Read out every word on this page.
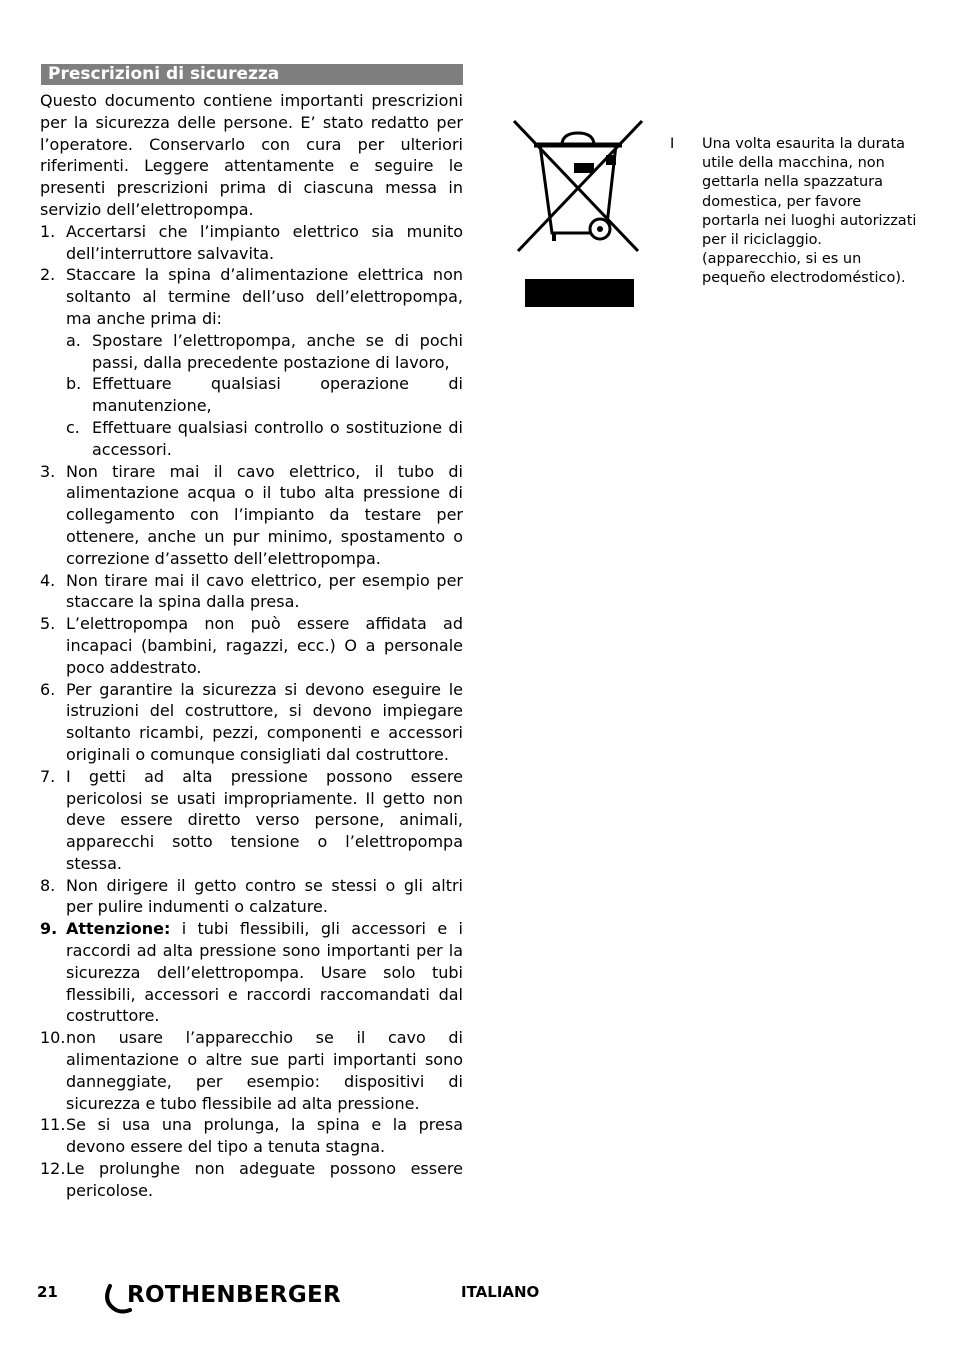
Prescrizioni di sicurezza
Questo documento contiene importanti prescrizioni per la sicurezza delle persone. E’ stato redatto per l’operatore. Conservarlo con cura per ulteriori riferimenti. Leggere attentamente e seguire le presenti prescrizioni prima di ciascuna messa in servizio dell’elettropompa.
1. Accertarsi che l’impianto elettrico sia munito dell’interruttore salvavita.
2. Staccare la spina d’alimentazione elettrica non soltanto al termine dell’uso dell’elettropompa, ma anche prima di:
a. Spostare l’elettropompa, anche se di pochi passi, dalla precedente postazione di lavoro,
b. Effettuare qualsiasi operazione di manutenzione,
c. Effettuare qualsiasi controllo o sostituzione di accessori.
3. Non tirare mai il cavo elettrico, il tubo di alimentazione acqua o il tubo alta pressione di collegamento con l’impianto da testare per ottenere, anche un pur minimo, spostamento o correzione d’assetto dell’elettropompa.
4. Non tirare mai il cavo elettrico, per esempio per staccare la spina dalla presa.
5. L’elettropompa non può essere affidata ad incapaci (bambini, ragazzi, ecc.) O a personale poco addestrato.
6. Per garantire la sicurezza si devono eseguire le istruzioni del costruttore, si devono impiegare soltanto ricambi, pezzi, componenti e accessori originali o comunque consigliati dal costruttore.
7. I getti ad alta pressione possono essere pericolosi se usati impropriamente. Il getto non deve essere diretto verso persone, animali, apparecchi sotto tensione o l’elettropompa stessa.
8. Non dirigere il getto contro se stessi o gli altri per pulire indumenti o calzature.
9. Attenzione: i tubi flessibili, gli accessori e i raccordi ad alta pressione sono importanti per la sicurezza dell’elettropompa. Usare solo tubi flessibili, accessori e raccordi raccomandati dal costruttore.
10. non usare l’apparecchio se il cavo di alimentazione o altre sue parti importanti sono danneggiate, per esempio: dispositivi di sicurezza e tubo flessibile ad alta pressione.
11. Se si usa una prolunga, la spina e la presa devono essere del tipo a tenuta stagna.
12. Le prolunghe non adeguate possono essere pericolose.
I Una volta esaurita la durata utile della macchina, non gettarla nella spazzatura domestica, per favore portarla nei luoghi autorizzati per il riciclaggio. (apparecchio, si es un pequeño electrodoméstico).
21	ROTHENBERGER	ITALIANO
